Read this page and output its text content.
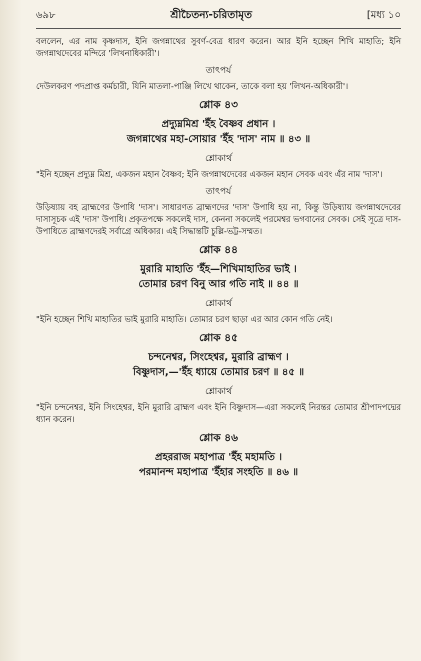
৬৯৮	শ্রীচৈতন্য-চরিতামৃত	[মধ্য ১০

বললেন, এর নাম কৃষ্ণদাস, ইনি জগন্নাথের সুবর্ণ-বেত্র ধারণ করেন। আর ইনি হচ্ছেন শিখি মাহাতি; ইনি জগন্নাথদেবের মন্দিরে 'লিখনাধিকারী'।

তাৎপর্য

দেউলকরণ পদপ্রাপ্ত কর্মচারী, যিনি মাতলা-পাঞ্জি লিখে থাকেন, তাকে বলা হয় 'লিখন-অধিকারী'।

শ্লোক ৪৩

প্রদ্যুম্নমিশ্র 'ইঁহ বৈষ্ণব প্রধান ।

জগন্নাথের মহা-সোয়ার 'ইঁহ 'দাস' নাম ॥ ৪৩ ॥

শ্লোকার্থ

"ইনি হচ্ছেন প্রদ্যুম্ন মিশ্র, একজন মহান বৈষ্ণব; ইনি জগন্নাথদেবের একজন মহান সেবক এবং এঁর নাম 'দাস'।

তাৎপর্য

উড়িষ্যায় বহ ব্রাহ্মণের উপাধি 'দাস'। সাধারণত ব্রাহ্মণদের 'দাস' উপাধি হয় না, কিন্তু উড়িষ্যায় জগন্নাথদেবের দাসাসূচক এই 'দাস' উপাধি। প্রকৃতপক্ষে সকলেই দাস, কেননা সকলেই পরমেশ্বর ভগবানের সেবক। সেই সূত্রে দাস-উপাধিতে ব্রাহ্মণদেরই সর্বাগ্রে অধিকার। এই সিদ্ধান্তটি চুল্লি-ভট্ট-সম্মত।

শ্লোক ৪৪

মুরারি মাহাতি 'ইঁহ—শিখিমাহাতির ভাই ।

তোমার চরণ বিনু আর গতি নাই ॥ ৪৪ ॥

শ্লোকার্থ

"ইনি হচ্ছেন শিখি মাহাতির ভাই মুরারি মাহাতি। তোমার চরণ ছাড়া এর আর কোন গতি নেই।

শ্লোক ৪৫

চন্দনেশ্বর, সিংহেশ্বর, মুরারি ব্রাহ্মণ ।

বিষ্ণুদাস,—'ইঁহ ধ্যায়ে তোমার চরণ ॥ ৪৫ ॥

শ্লোকার্থ

"ইনি চন্দনেশ্বর, ইনি সিংহেশ্বর, ইনি মুরারি ব্রাহ্মণ এবং ইনি বিষ্ণুদাস—এরা সকলেই নিরন্তর তোমার শ্রীপাদপদ্মের ধ্যান করেন।

শ্লোক ৪৬

প্রহররাজ মহাপাত্র 'ইঁহ মহামতি ।

পরমানন্দ মহাপাত্র 'ইঁহার সংহতি ॥ ৪৬ ॥
